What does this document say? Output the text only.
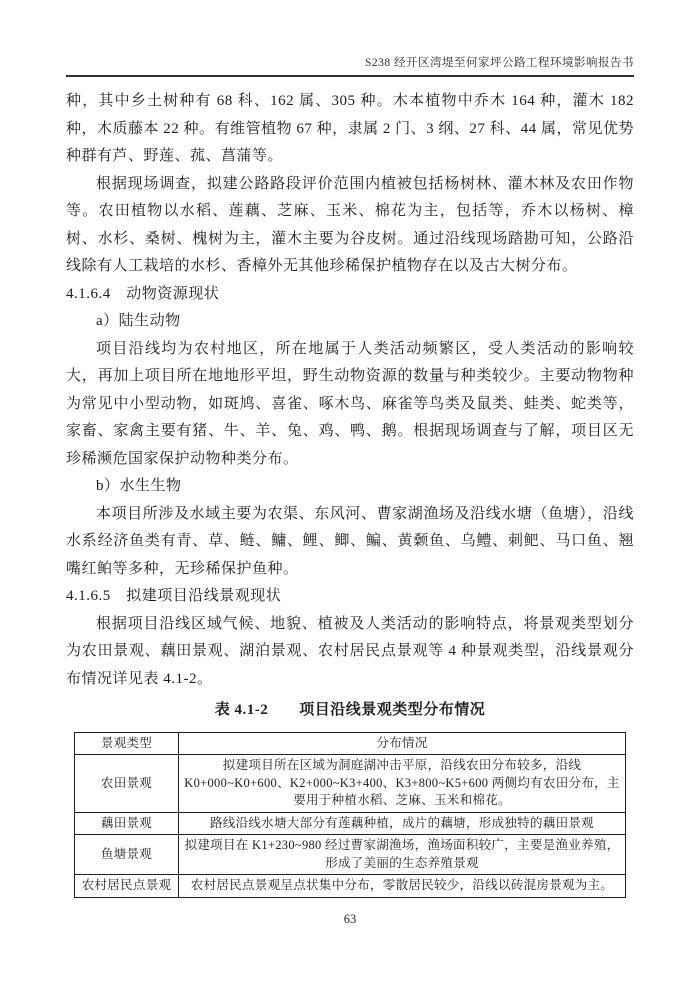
S238 经开区湾堤至何家坪公路工程环境影响报告书

种，其中乡土树种有 68 科、162 属、305 种。木本植物中乔木 164 种，灌木 182 种，木质藤本 22 种。有维管植物 67 种，隶属 2 门、3 纲、27 科、44 属，常见优势种群有芦、野莲、菰、菖蒲等。

根据现场调查，拟建公路路段评价范围内植被包括杨树林、灌木林及农田作物等。农田植物以水稻、莲藕、芝麻、玉米、棉花为主，包括等，乔木以杨树、樟树、水杉、桑树、槐树为主，灌木主要为谷皮树。通过沿线现场踏勘可知，公路沿线除有人工栽培的水杉、香樟外无其他珍稀保护植物存在以及古大树分布。

4.1.6.4　动物资源现状

a）陆生动物

项目沿线均为农村地区，所在地属于人类活动频繁区，受人类活动的影响较大，再加上项目所在地地形平坦，野生动物资源的数量与种类较少。主要动物物种为常见中小型动物，如斑鸠、喜雀、啄木鸟、麻雀等鸟类及鼠类、蛙类、蛇类等，家畜、家禽主要有猪、牛、羊、兔、鸡、鸭、鹅。根据现场调查与了解，项目区无珍稀濒危国家保护动物种类分布。

b）水生生物

本项目所涉及水域主要为农渠、东风河、曹家湖渔场及沿线水塘（鱼塘），沿线水系经济鱼类有青、草、鲢、鳙、鲤、鲫、鳊、黄颡鱼、乌鳢、刺鲃、马口鱼、翘嘴红鲌等多种，无珍稀保护鱼种。

4.1.6.5　拟建项目沿线景观现状

根据项目沿线区域气候、地貌、植被及人类活动的影响特点，将景观类型划分为农田景观、藕田景观、湖泊景观、农村居民点景观等 4 种景观类型，沿线景观分布情况详见表 4.1-2。

表 4.1-2　　项目沿线景观类型分布情况

景观类型	分布情况
农田景观	拟建项目所在区域为洞庭湖冲击平原，沿线农田分布较多，沿线K0+000~K0+600、K2+000~K3+400、K3+800~K5+600 两侧均有农田分布，主要用于种植水稻、芝麻、玉米和棉花。
藕田景观	路线沿线水塘大部分有莲藕种植，成片的藕塘，形成独特的藕田景观
鱼塘景观	拟建项目在 K1+230~980 经过曹家湖渔场，渔场面积较广，主要是渔业养殖，形成了美丽的生态养殖景观
农村居民点景观	农村居民点景观呈点状集中分布，零散居民较少，沿线以砖混房景观为主。
63
